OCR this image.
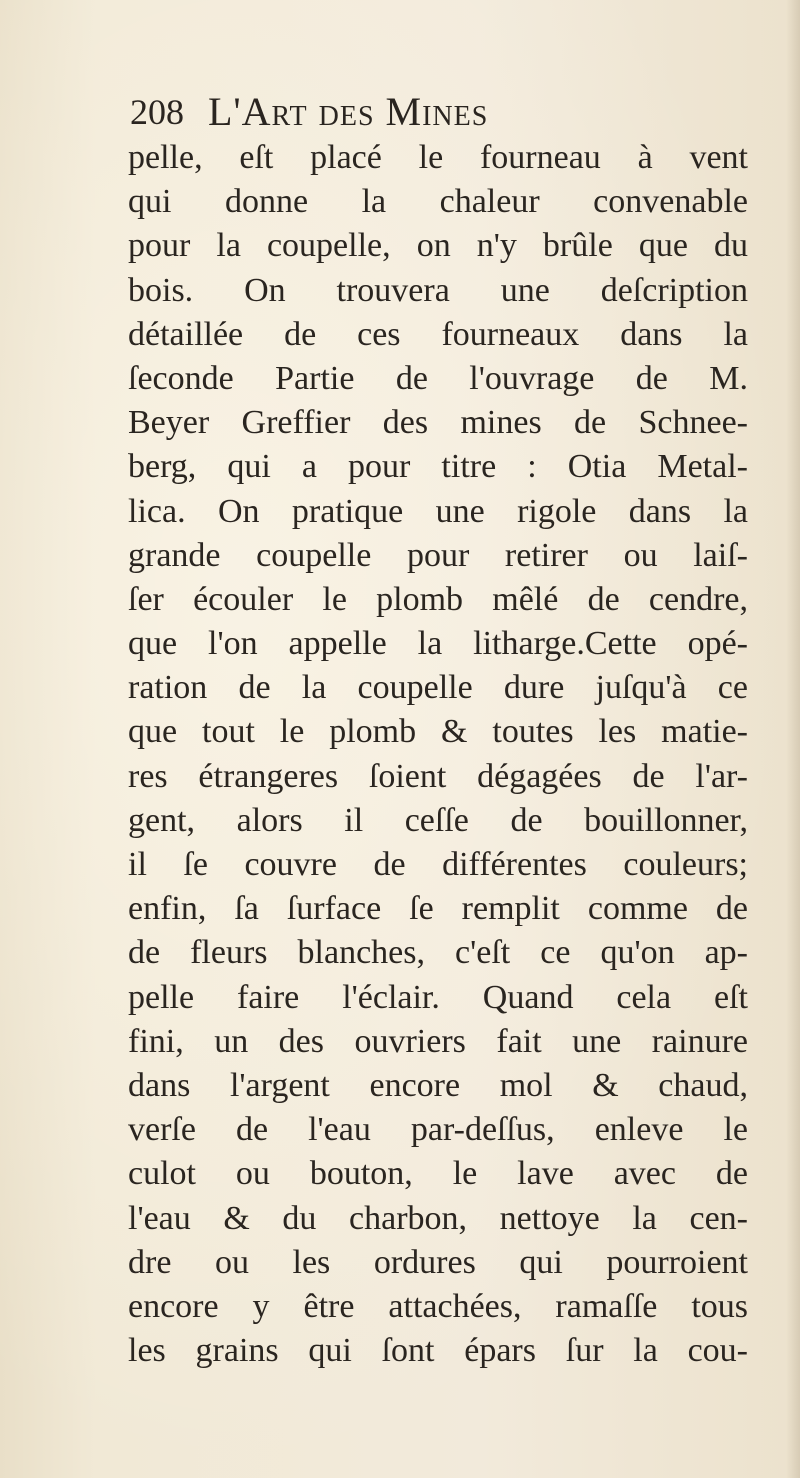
208 L'Art des Mines
pelle, eſt placé le fourneau à vent
qui donne la chaleur convenable
pour la coupelle, on n'y brûle que du
bois. On trouvera une deſcription
détaillée de ces fourneaux dans la
ſeconde Partie de l'ouvrage de M.
Beyer Greffier des mines de Schnee-
berg, qui a pour titre : Otia Metal-
lica. On pratique une rigole dans la
grande coupelle pour retirer ou laiſ-
ſer écouler le plomb mêlé de cendre,
que l'on appelle la litharge.Cette opé-
ration de la coupelle dure juſqu'à ce
que tout le plomb & toutes les matie-
res étrangeres ſoient dégagées de l'ar-
gent, alors il ceſſe de bouillonner,
il ſe couvre de différentes couleurs;
enfin, ſa ſurface ſe remplit comme de
de fleurs blanches, c'eſt ce qu'on ap-
pelle faire l'éclair. Quand cela eſt
fini, un des ouvriers fait une rainure
dans l'argent encore mol & chaud,
verſe de l'eau par-deſſus, enleve le
culot ou bouton, le lave avec de
l'eau & du charbon, nettoye la cen-
dre ou les ordures qui pourroient
encore y être attachées, ramaſſe tous
les grains qui ſont épars ſur la cou-
